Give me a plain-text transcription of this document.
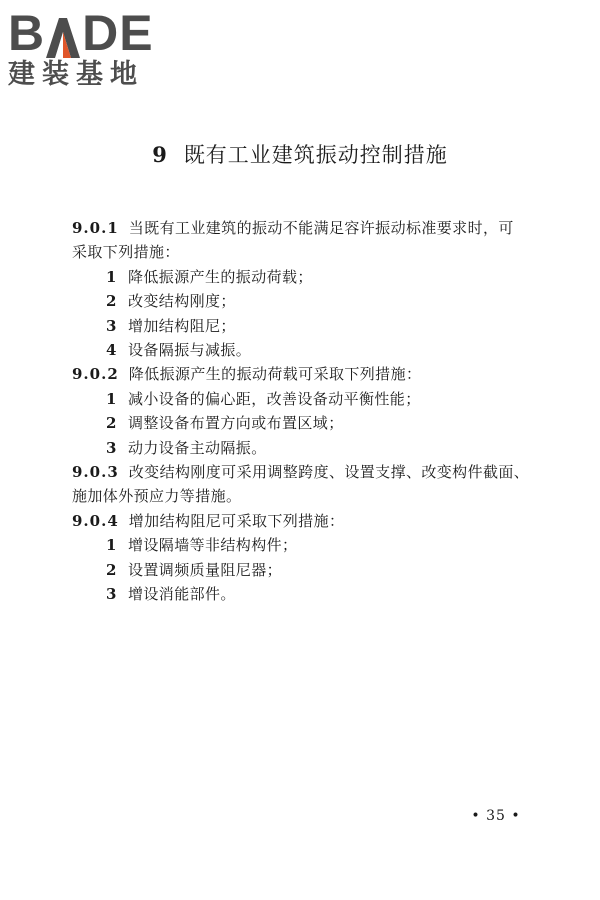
B DE
建装基地
9 既有工业建筑振动控制措施
9.0.1 当既有工业建筑的振动不能满足容许振动标准要求时，可
采取下列措施：
1 降低振源产生的振动荷载；
2 改变结构刚度；
3 增加结构阻尼；
4 设备隔振与减振。
9.0.2 降低振源产生的振动荷载可采取下列措施：
1 减小设备的偏心距，改善设备动平衡性能；
2 调整设备布置方向或布置区域；
3 动力设备主动隔振。
9.0.3 改变结构刚度可采用调整跨度、设置支撑、改变构件截面、
施加体外预应力等措施。
9.0.4 增加结构阻尼可采取下列措施：
1 增设隔墙等非结构构件；
2 设置调频质量阻尼器；
3 增设消能部件。
• 35 •
